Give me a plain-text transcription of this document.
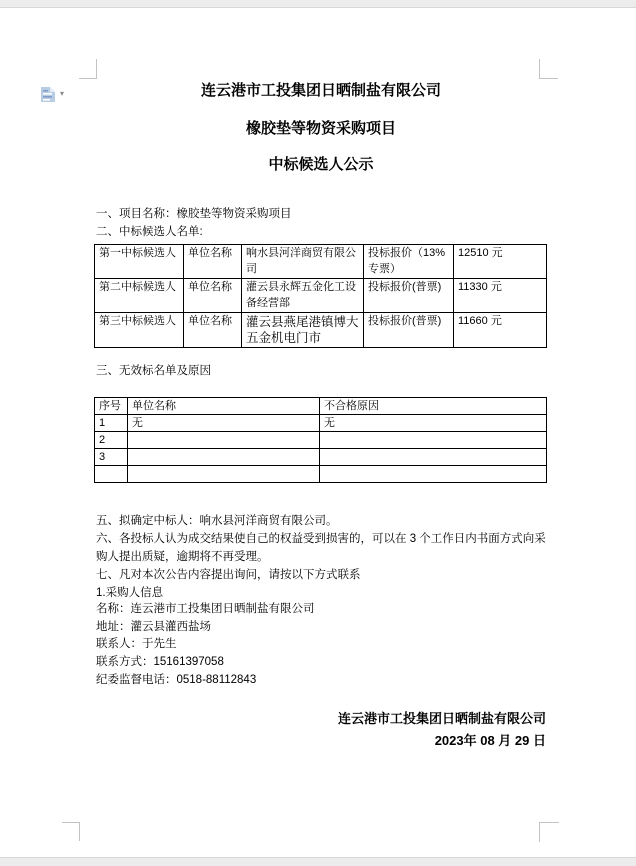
▾	连云港市工投集团日晒制盐有限公司
橡胶垫等物资采购项目
中标候选人公示
一、项目名称：橡胶垫等物资采购项目
二、中标候选人名单:
第一中标候选人	单位名称	响水县河洋商贸有限公司	投标报价（13%专票）	12510 元
第二中标候选人	单位名称	灌云县永辉五金化工设备经营部	投标报价(普票)	11330 元
第三中标候选人	单位名称	灌云县燕尾港镇博大五金机电门市	投标报价(普票)	11660 元
三、无效标名单及原因
序号	单位名称	不合格原因
1	无	无
2		
3		

五、拟确定中标人：响水县河洋商贸有限公司。
六、各投标人认为成交结果使自己的权益受到损害的，可以在 3 个工作日内书面方式向采购人提出质疑，逾期将不再受理。
七、凡对本次公告内容提出询问，请按以下方式联系
1.采购人信息
名称：连云港市工投集团日晒制盐有限公司
地址：灌云县灌西盐场
联系人：于先生
联系方式：15161397058
纪委监督电话：0518-88112843
连云港市工投集团日晒制盐有限公司
2023年 08 月 29 日
